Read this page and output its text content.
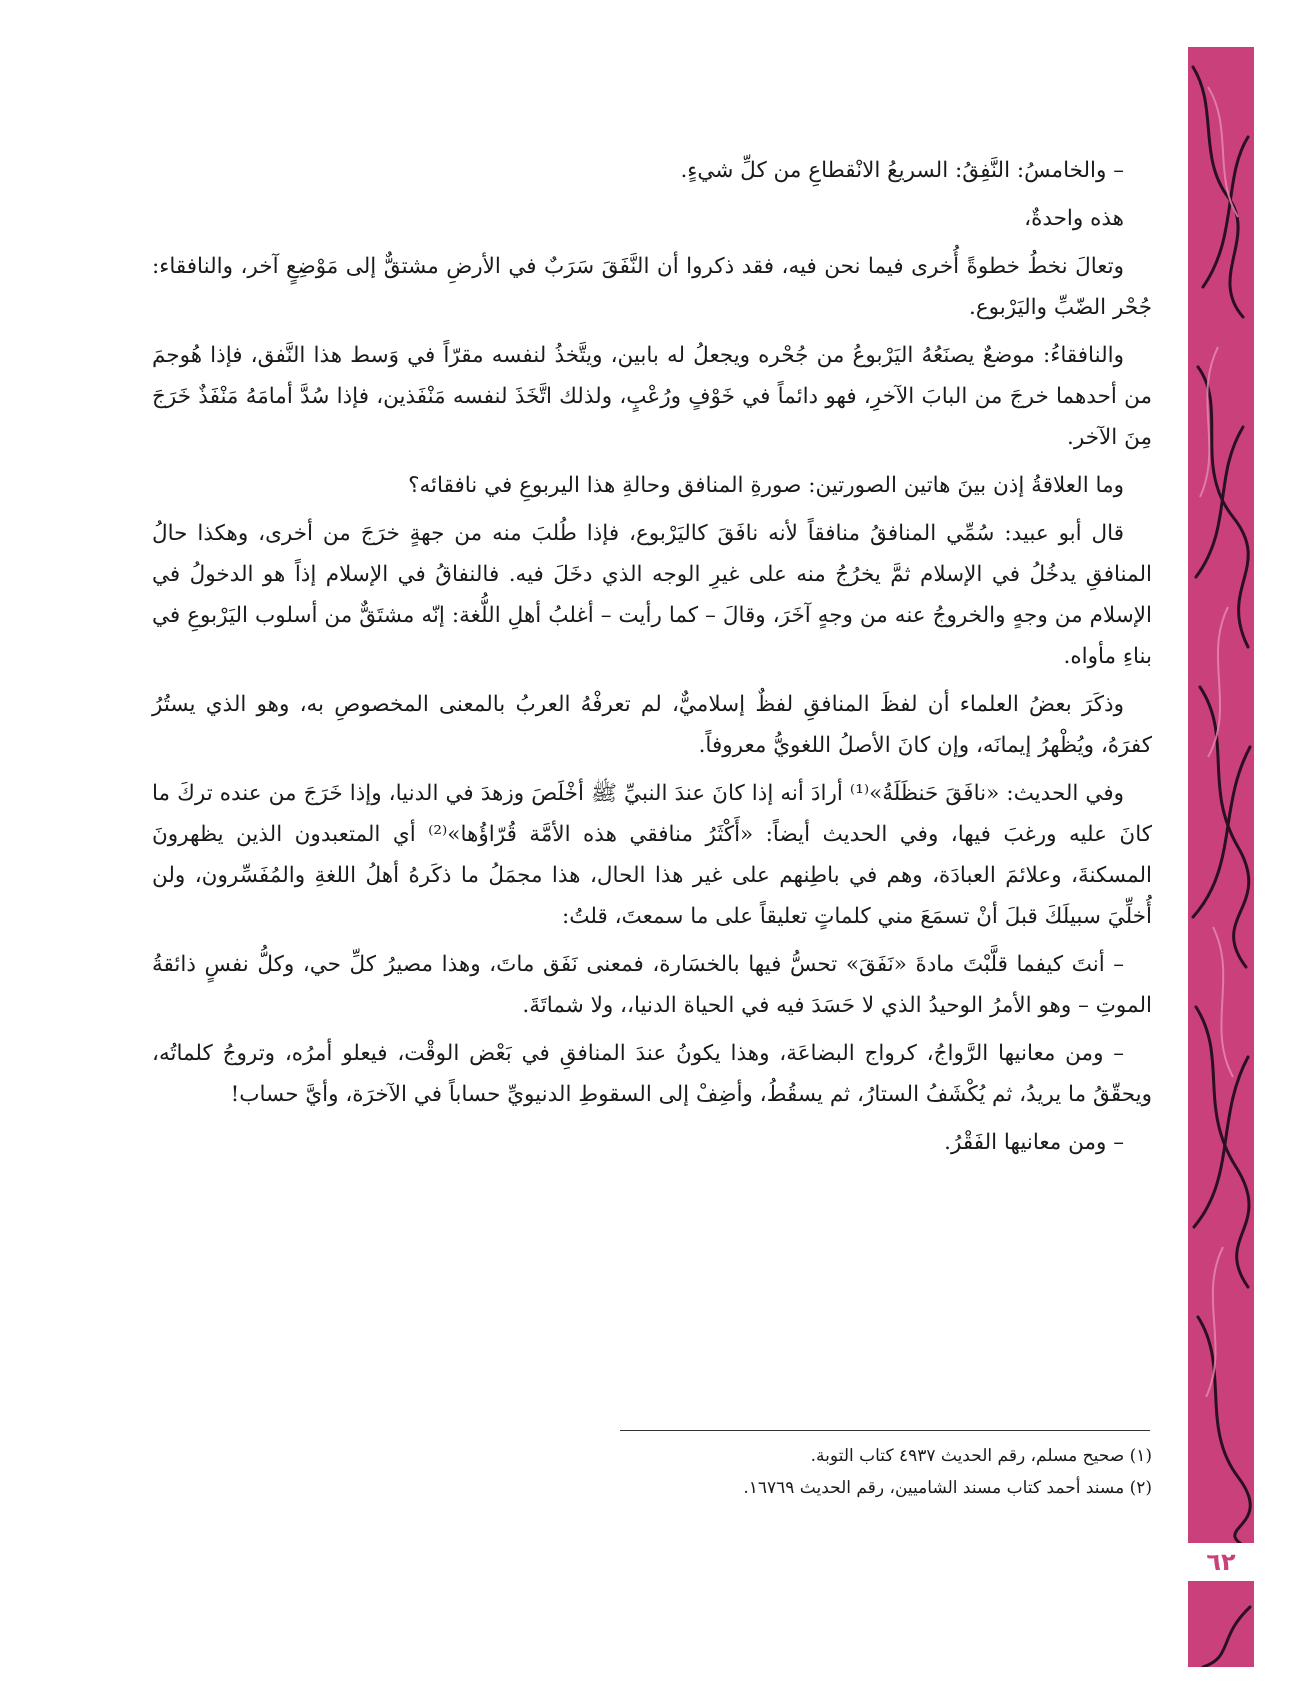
٦٢

– والخامسُ: النَّفِقُ: السريعُ الانْقطاعِ من كلِّ شيءٍ.

هذه واحدةٌ،

وتعالَ نخطُ خطوةً أُخرى فيما نحن فيه، فقد ذكروا أن النَّفَقَ سَرَبٌ في الأرضِ مشتقٌّ إلى مَوْضِعٍ آخر، والنافقاء: جُحْر الضّبِّ واليَرْبوع.

والنافقاءُ: موضعٌ يصنَعُهُ اليَرْبوعُ من جُحْره ويجعلُ له بابين، ويتَّخذُ لنفسه مقرّاً في وَسط هذا النَّفق، فإذا هُوجمَ من أحدهما خرجَ من البابَ الآخرِ، فهو دائماً في خَوْفٍ ورُعْبٍ، ولذلك اتَّخَذَ لنفسه مَنْفَذين، فإذا سُدَّ أمامَهُ مَنْفَذٌ خَرَجَ مِنَ الآخر.

وما العلاقةُ إذن بينَ هاتين الصورتين: صورةِ المنافق وحالةِ هذا اليربوعِ في نافقائه؟

قال أبو عبيد: سُمِّي المنافقُ منافقاً لأنه نافَقَ كاليَرْبوع، فإذا طُلبَ منه من جهةٍ خرَجَ من أخرى، وهكذا حالُ المنافقِ يدخُلُ في الإسلام ثمَّ يخرُجُ منه على غيرِ الوجه الذي دخَلَ فيه. فالنفاقُ في الإسلام إذاً هو الدخولُ في الإسلام من وجهٍ والخروجُ عنه من وجهٍ آخَرَ، وقالَ – كما رأيت – أغلبُ أهلِ اللُّغة: إنّه مشتَقٌّ من أسلوب اليَرْبوعِ في بناءِ مأواه.

وذكَرَ بعضُ العلماء أن لفظَ المنافقِ لفظٌ إسلاميٌّ، لم تعرفْهُ العربُ بالمعنى المخصوصِ به، وهو الذي يستُرُ كفرَهُ، ويُظْهرُ إيمانَه، وإن كانَ الأصلُ اللغويُّ معروفاً.

وفي الحديث: «نافَقَ حَنظَلَةُ»⁽¹⁾ أرادَ أنه إذا كانَ عندَ النبيِّ ﷺ أخْلَصَ وزهدَ في الدنيا، وإذا خَرَجَ من عنده تركَ ما كانَ عليه ورغبَ فيها، وفي الحديث أيضاً: «أَكْثَرُ منافقي هذه الأمَّة قُرّاؤُها»⁽²⁾ أي المتعبدون الذين يظهرونَ المسكنةَ، وعلائمَ العبادَة، وهم في باطِنهم على غير هذا الحال، هذا مجمَلُ ما ذكَرهُ أهلُ اللغةِ والمُفَسِّرون، ولن أُخلِّيَ سبيلَكَ قبلَ أنْ تسمَعَ مني كلماتٍ تعليقاً على ما سمعتَ، قلتُ:

– أنتَ كيفما قلَّبْتَ مادةَ «نَفَقَ» تحسُّ فيها بالخسَارة، فمعنى نَفَق ماتَ، وهذا مصيرُ كلِّ حي، وكلُّ نفسٍ ذائقةُ الموتِ – وهو الأمرُ الوحيدُ الذي لا حَسَدَ فيه في الحياة الدنيا،، ولا شماتَةَ.

– ومن معانيها الرَّواجُ، كرواج البضاعَة، وهذا يكونُ عندَ المنافقِ في بَعْض الوقْت، فيعلو أمرُه، وتروجُ كلماتُه، ويحقّقُ ما يريدُ، ثم يُكْشَفُ الستارُ، ثم يسقُطُ، وأضِفْ إلى السقوطِ الدنيويِّ حساباً في الآخرَة، وأيَّ حساب!

– ومن معانيها الفَقْرُ.

(١) صحيح مسلم، رقم الحديث ٤٩٣٧ كتاب التوبة.

(٢) مسند أحمد كتاب مسند الشاميين، رقم الحديث ١٦٧٦٩.
